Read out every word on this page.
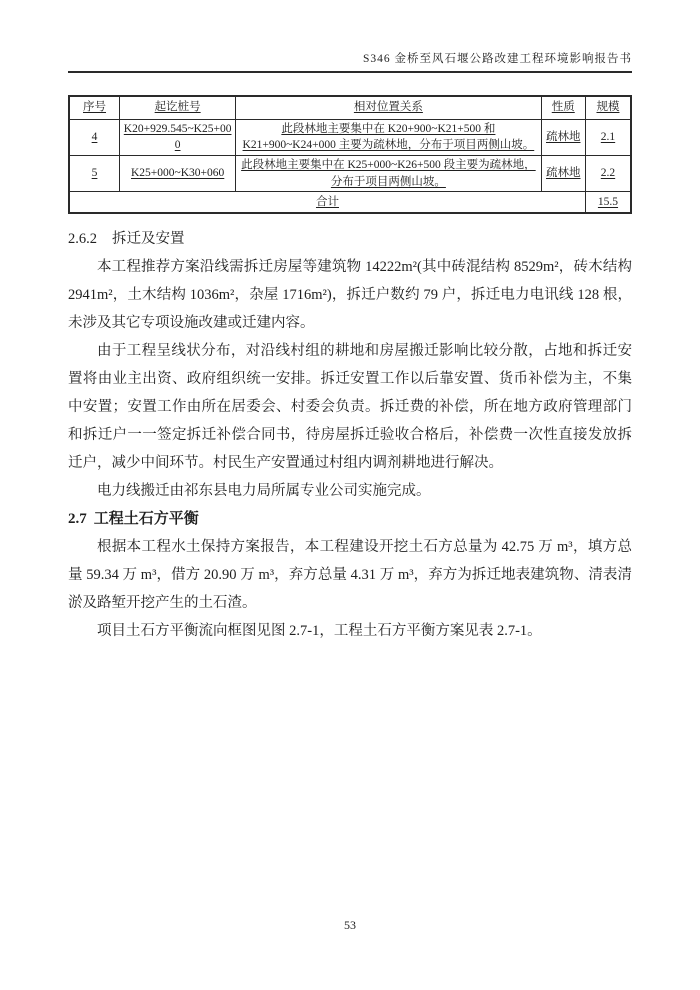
S346 金桥至风石堰公路改建工程环境影响报告书
序号	起讫桩号	相对位置关系	性质	规模
4	K20+929.545~K25+000	此段林地主要集中在 K20+900~K21+500 和 K21+900~K24+000 主要为疏林地，分布于项目两侧山坡。	疏林地	2.1
5	K25+000~K30+060	此段林地主要集中在 K25+000~K26+500 段主要为疏林地，分布于项目两侧山坡。	疏林地	2.2
合计				15.5
2.6.2 拆迁及安置

本工程推荐方案沿线需拆迁房屋等建筑物 14222m²(其中砖混结构 8529m²，砖木结构 2941m²，土木结构 1036m²，杂屋 1716m²)，拆迁户数约 79 户，拆迁电力电讯线 128 根，未涉及其它专项设施改建或迁建内容。

由于工程呈线状分布，对沿线村组的耕地和房屋搬迁影响比较分散，占地和拆迁安置将由业主出资、政府组织统一安排。拆迁安置工作以后靠安置、货币补偿为主，不集中安置；安置工作由所在居委会、村委会负责。拆迁费的补偿，所在地方政府管理部门和拆迁户一一签定拆迁补偿合同书，待房屋拆迁验收合格后，补偿费一次性直接发放拆迁户，减少中间环节。村民生产安置通过村组内调剂耕地进行解决。

电力线搬迁由祁东县电力局所属专业公司实施完成。

2.7 工程土石方平衡

根据本工程水土保持方案报告，本工程建设开挖土石方总量为 42.75 万 m³，填方总量 59.34 万 m³，借方 20.90 万 m³，弃方总量 4.31 万 m³，弃方为拆迁地表建筑物、清表清淤及路堑开挖产生的土石渣。

项目土石方平衡流向框图见图 2.7-1，工程土石方平衡方案见表 2.7-1。

53
